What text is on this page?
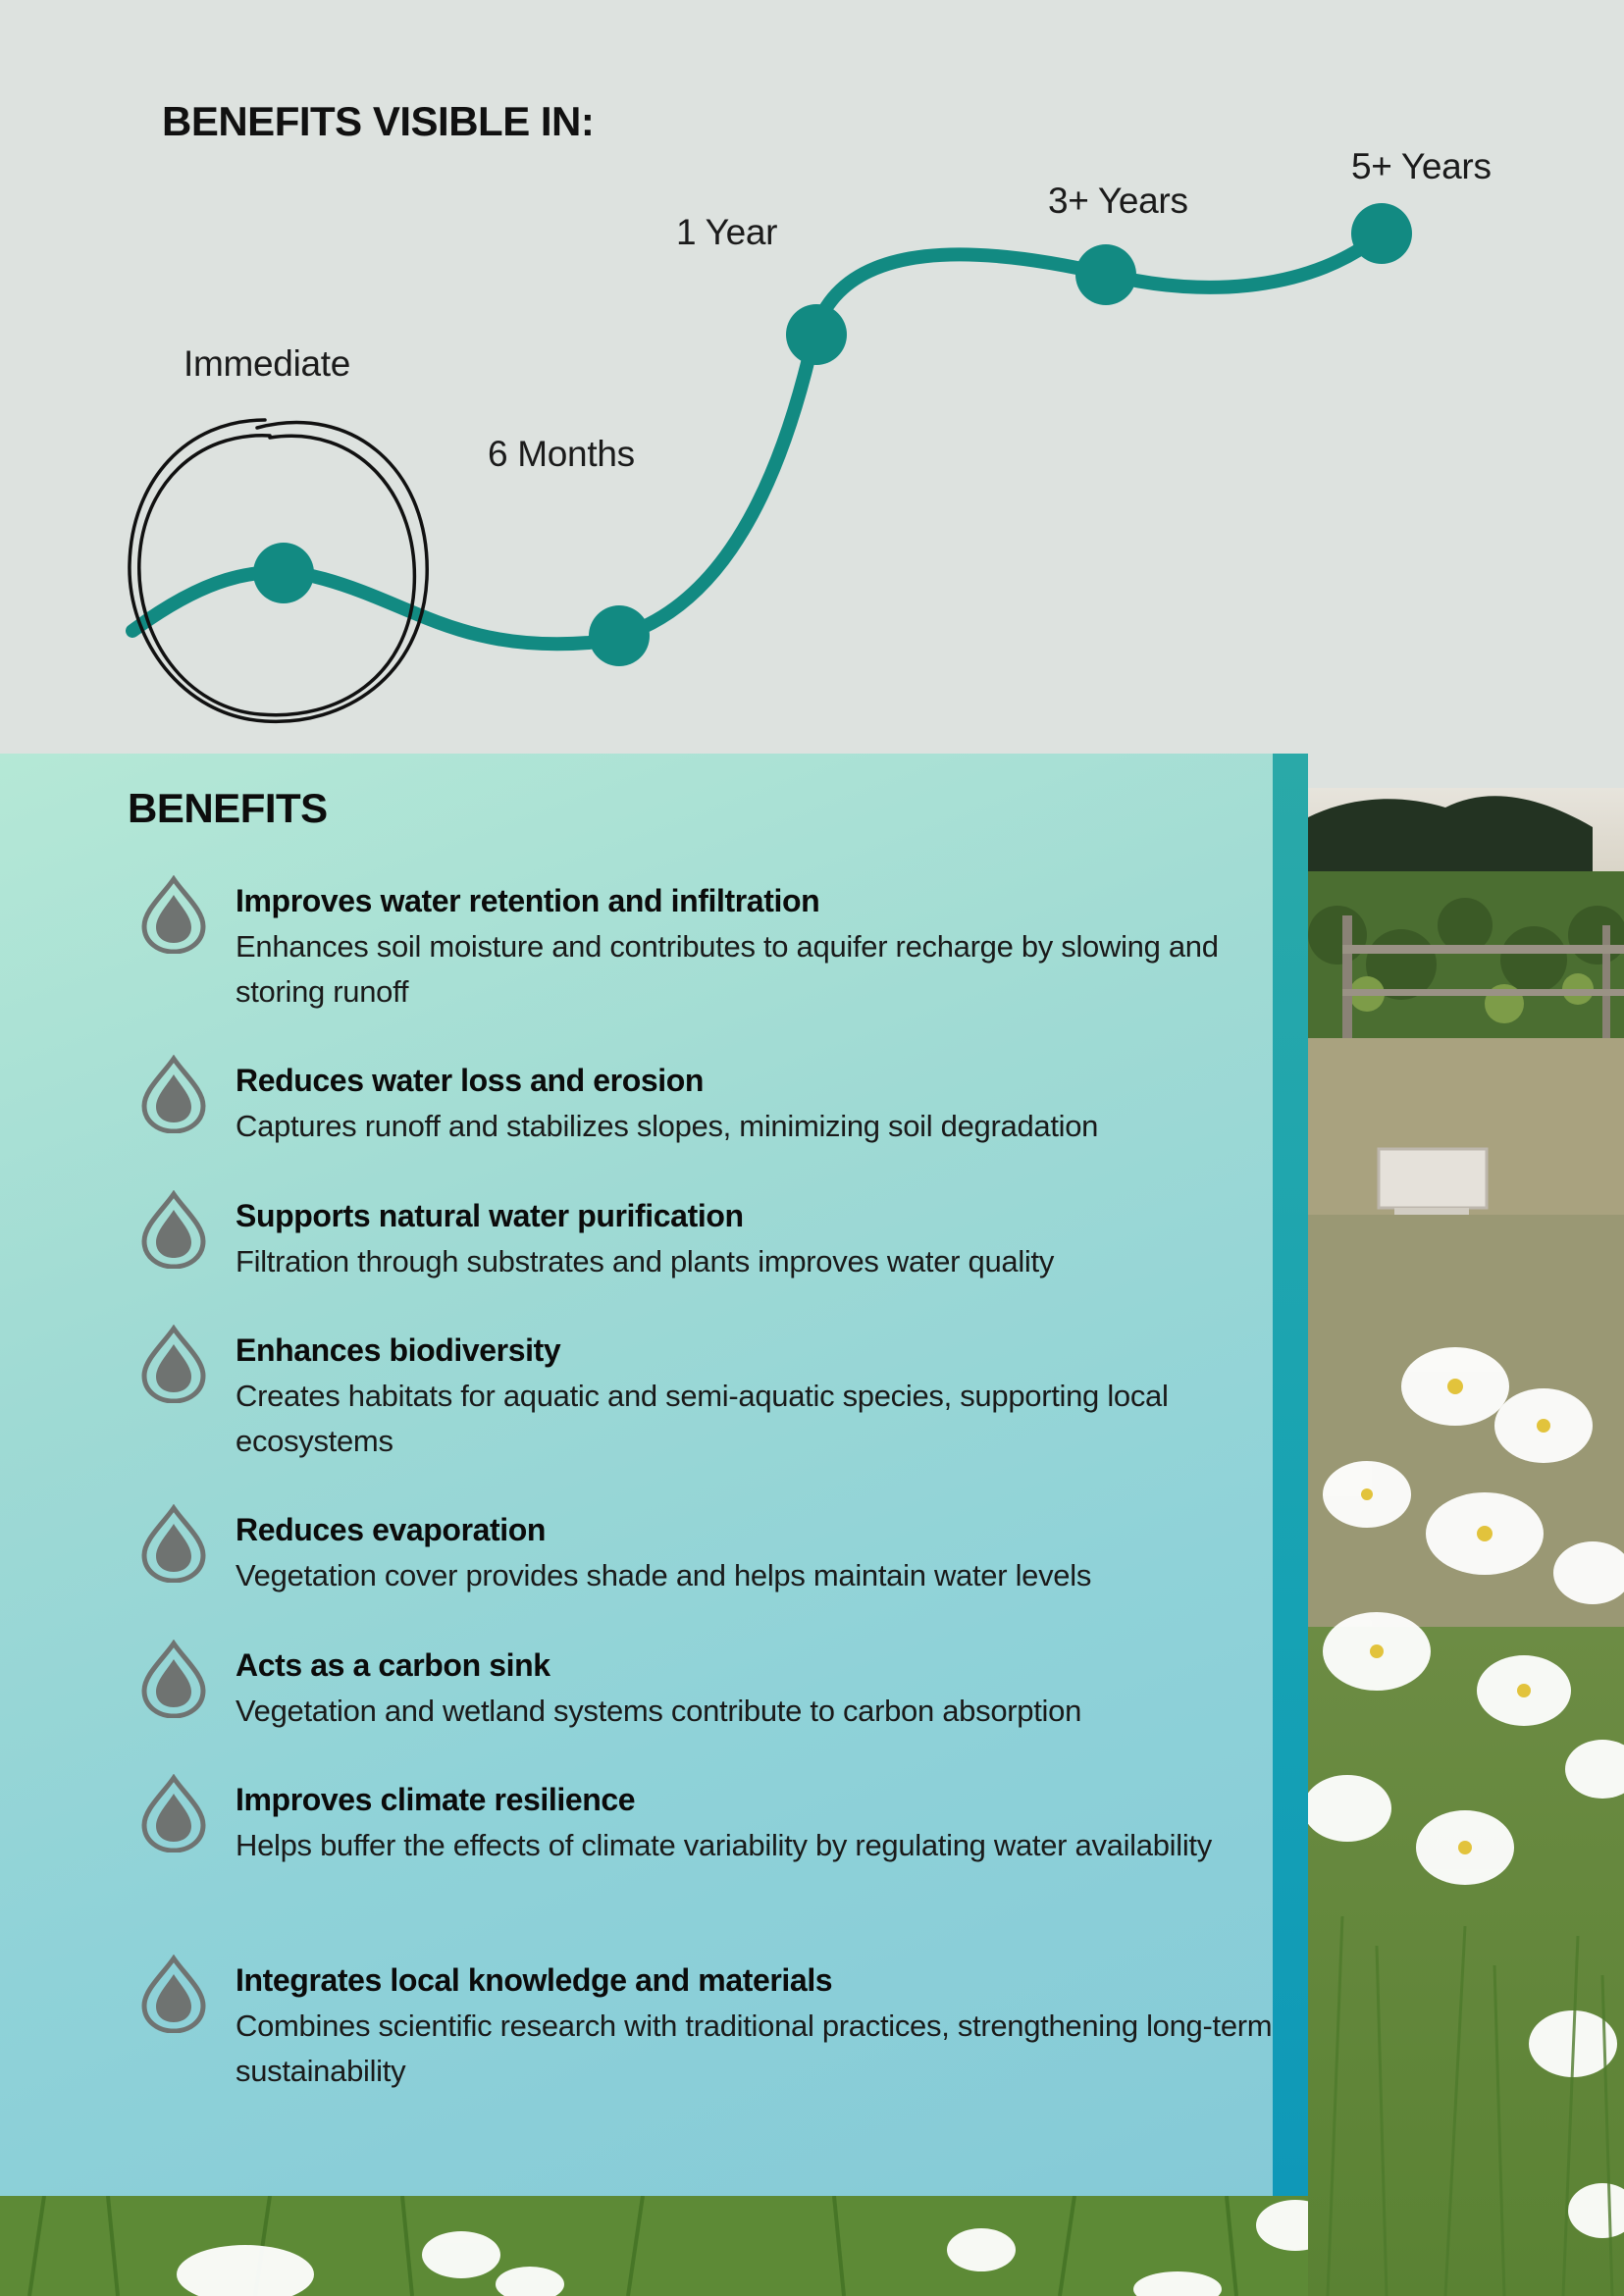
BENEFITS VISIBLE IN:

Immediate

6 Months

1 Year

3+ Years

5+ Years

BENEFITS

Improves water retention and infiltration

Enhances soil moisture and contributes to aquifer recharge by slowing and storing runoff

Reduces water loss and erosion

Captures runoff and stabilizes slopes, minimizing soil degradation

Supports natural water purification

Filtration through substrates and plants improves water quality

Enhances biodiversity

Creates habitats for aquatic and semi-aquatic species, supporting local ecosystems

Reduces evaporation

Vegetation cover provides shade and helps maintain water levels

Acts as a carbon sink

Vegetation and wetland systems contribute to carbon absorption

Improves climate resilience

Helps buffer the effects of climate variability by regulating water availability

Integrates local knowledge and materials

Combines scientific research with traditional practices, strengthening long-term sustainability
